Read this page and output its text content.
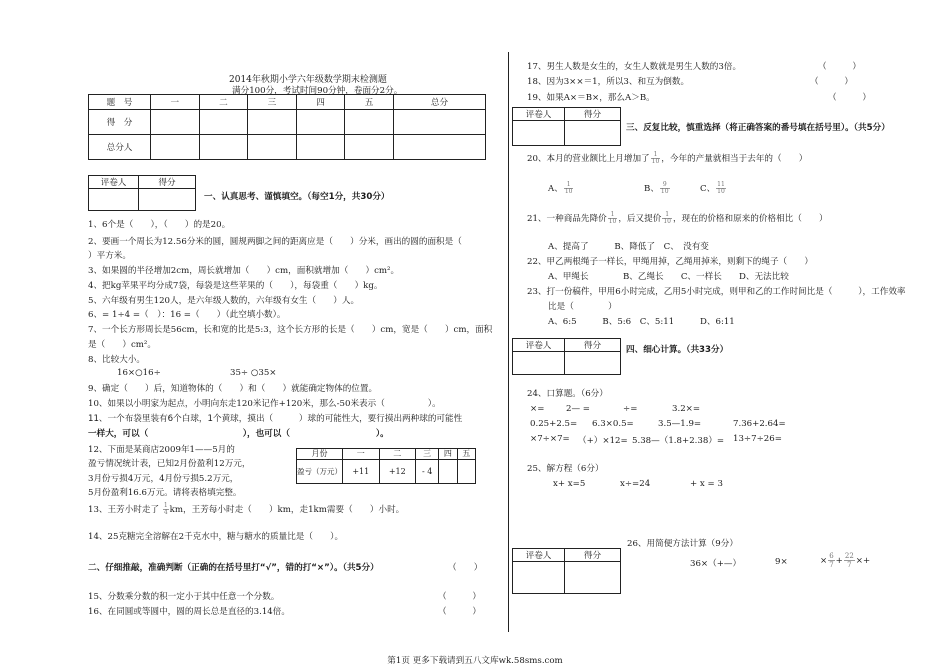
2014年秋期小学六年级数学期末检测题
满分100分，考试时间90分钟，卷面分2分。
题　号	一	二	三	四	五	总分
得　分						
总分人						
评卷人	得分

一、认真思考、谨慎填空。（每空1分，共30分）
1、6个是（　　），（　　）的是20。
2、要画一个周长为12.56分米的圆，圆规两脚之间的距离应是（　　）分米，画出的圆的面积是（
）平方米。
3、如果圆的半径增加2cm，周长就增加（　　）cm，面积就增加（　　）cm²。
4、把kg苹果平均分成7袋，每袋是这些苹果的（　　），每袋重（　　）kg。
5、六年级有男生120人，是六年级人数的，六年级有女生（　　）人。
6、= 1÷4 =（　）：16 =（　　）（此空填小数）。
7、一个长方形周长是56cm，长和宽的比是5:3，这个长方形的长是（　　）cm，宽是（　　）cm，面积
是（　　）cm²。
8、比较大小。
16×○16÷	35÷ ○35×
9、确定（　　）后，知道物体的（　　）和（　　）就能确定物体的位置。
10、如果以小明家为起点，小明向东走120米记作+120米，那么-50米表示（　　　　　）。
11、一个布袋里装有6个白球，1个黄球，摸出（　　　）球的可能性大，要行摸出两种球的可能性
一样大，可以（　　　　　　　　　　　），也可以（　　　　　　　　　　）。
12、下面是某商店2009年1——5月的
盈亏情况统计表，已知2月份盈利12万元，
3月份亏损4万元，4月份亏损5.2万元，
5月份盈利16.6万元。请将表格填完整。
月份	一	二	三	四	五
盈亏（万元）	+11	+12	- 4		
13、王芳小时走了 $\frac{1}{4}$ km，王芳每小时走（　　）km，走1km需要（　　）小时。
14、25克糖完全溶解在2千克水中，糖与糖水的质量比是（　　）。
二、仔细推敲，准确判断（正确的在括号里打“√”，错的打“×”）。（共5分）	（　　）
15、分数乘分数的积一定小于其中任意一个分数。	（　　　）
16、在同圆或等圆中，圆的周长总是直径的3.14倍。	（　　　）
17、男生人数是女生的，女生人数就是男生人数的3倍。	（　　　）
18、因为3××＝1，所以3、和互为倒数。	（　　　）
19、如果A×＝B×，那么A＞B。	（　　　）
评卷人	得分

三、反复比较，慎重选择（将正确答案的番号填在括号里）。（共5分）
20、本月的营业额比上月增加了 $\frac{1}{10}$ ，今年的产量就相当于去年的（　　）
A、 $\frac{1}{10}$	B、 $\frac{9}{10}$	C、 $\frac{11}{10}$
21、一种商品先降价 $\frac{1}{10}$ ，后又提价 $\frac{1}{10}$ ，现在的价格和原来的价格相比（　　）
A、提高了　　　B、降低了　C、　没有变
22、甲乙两根绳子一样长，甲绳用掉，乙绳用掉米，则剩下的绳子（　　）
A、甲绳长　　　　B、乙绳长　　C、一样长　　D、无法比较
23、打一份稿件，甲用6小时完成，乙用5小时完成，则甲和乙的工作时间比是（　　　），工作效率
比是（　　　　）
A、6:5　　　B、5:6　C、5:11　　　D、6:11
评卷人	得分
		四、细心计算。（共33分）
24、口算题。（6分）
×=	2— =	÷=	3.2×=
0.25+2.5= 6.3×0.5=	3.5—1.9=	7.36+2.64=
×7÷×7= （+）×12= 5.38—（1.8+2.38）= 13÷7÷26=
25、解方程（6分）
x+ x=5	x÷=24	+ x = 3
26、用简便方法计算（9分）
评卷人	得分

36×（+—）	9×	× $\frac{6}{7} + \frac{22}{7}$ ×+
第1页 更多下载请到五八文库wk.58sms.com
